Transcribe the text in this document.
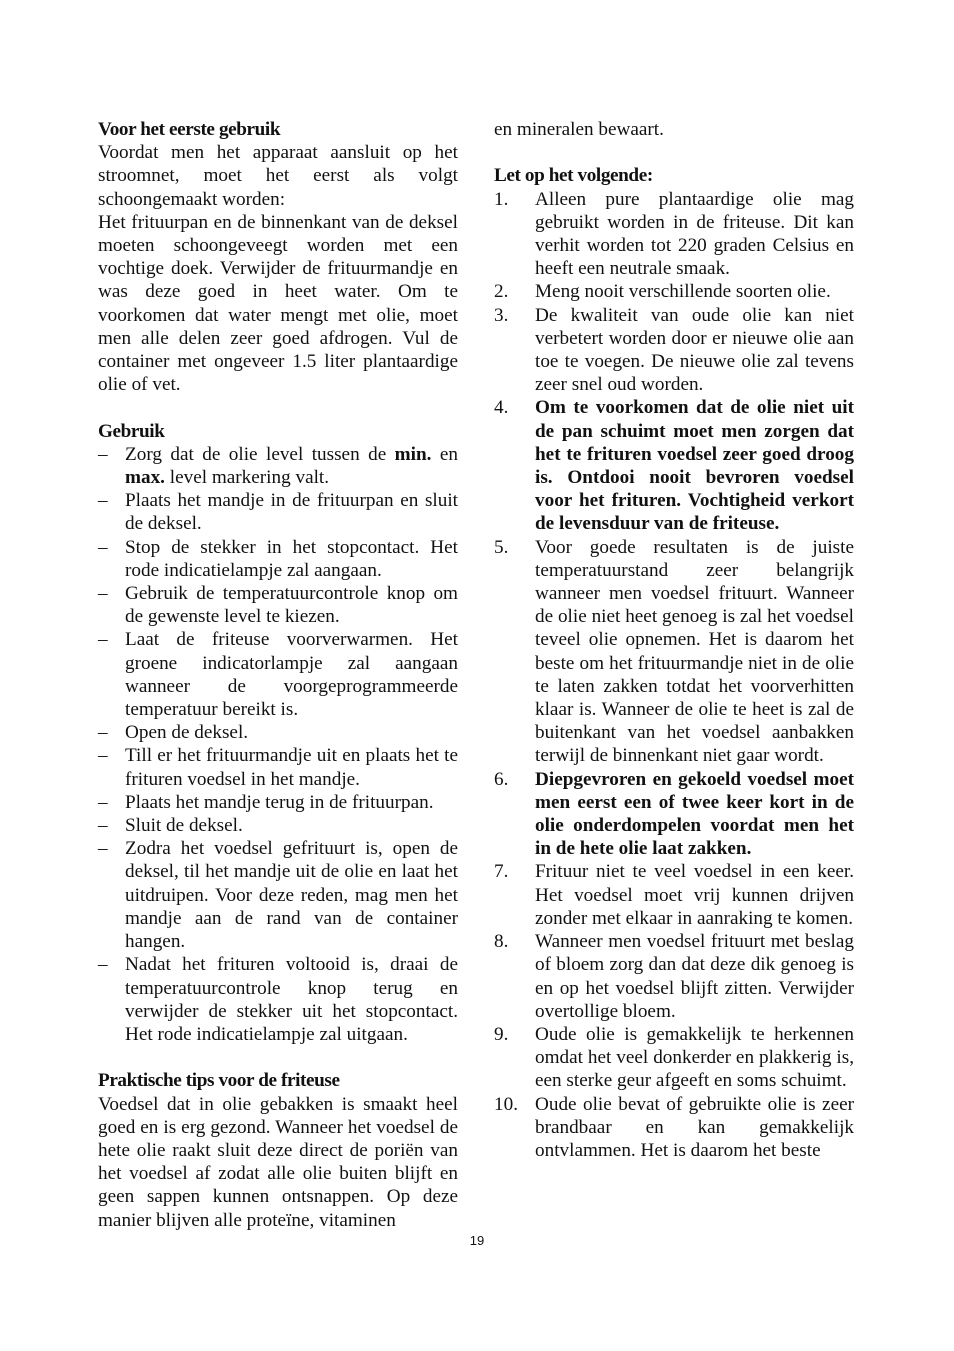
Voor het eerste gebruik

Voordat men het apparaat aansluit op het stroomnet, moet het eerst als volgt schoongemaakt worden:

Het frituurpan en de binnenkant van de deksel moeten schoongeveegt worden met een vochtige doek. Verwijder de frituurmandje en was deze goed in heet water. Om te voorkomen dat water mengt met olie, moet men alle delen zeer goed afdrogen. Vul de container met ongeveer 1.5 liter plantaardige olie of vet.

Gebruik

– Zorg dat de olie level tussen de min. en max. level markering valt.
– Plaats het mandje in de frituurpan en sluit de deksel.
– Stop de stekker in het stopcontact. Het rode indicatielampje zal aangaan.
– Gebruik de temperatuurcontrole knop om de gewenste level te kiezen.
– Laat de friteuse voorverwarmen. Het groene indicatorlampje zal aangaan wanneer de voorgeprogrammeerde temperatuur bereikt is.
– Open de deksel.
– Till er het frituurmandje uit en plaats het te frituren voedsel in het mandje.
– Plaats het mandje terug in de frituurpan.
– Sluit de deksel.
– Zodra het voedsel gefrituurt is, open de deksel, til het mandje uit de olie en laat het uitdruipen. Voor deze reden, mag men het mandje aan de rand van de container hangen.
– Nadat het frituren voltooid is, draai de temperatuurcontrole knop terug en verwijder de stekker uit het stopcontact. Het rode indicatielampje zal uitgaan.

Praktische tips voor de friteuse

Voedsel dat in olie gebakken is smaakt heel goed en is erg gezond. Wanneer het voedsel de hete olie raakt sluit deze direct de poriën van het voedsel af zodat alle olie buiten blijft en geen sappen kunnen ontsnappen. Op deze manier blijven alle proteïne, vitaminen

en mineralen bewaart.

Let op het volgende:

1. Alleen pure plantaardige olie mag gebruikt worden in de friteuse. Dit kan verhit worden tot 220 graden Celsius en heeft een neutrale smaak.
2. Meng nooit verschillende soorten olie.
3. De kwaliteit van oude olie kan niet verbetert worden door er nieuwe olie aan toe te voegen. De nieuwe olie zal tevens zeer snel oud worden.
4. Om te voorkomen dat de olie niet uit de pan schuimt moet men zorgen dat het te frituren voedsel zeer goed droog is. Ontdooi nooit bevroren voedsel voor het frituren. Vochtigheid verkort de levensduur van de friteuse.
5. Voor goede resultaten is de juiste temperatuurstand zeer belangrijk wanneer men voedsel frituurt. Wanneer de olie niet heet genoeg is zal het voedsel teveel olie opnemen. Het is daarom het beste om het frituurmandje niet in de olie te laten zakken totdat het voorverhitten klaar is. Wanneer de olie te heet is zal de buitenkant van het voedsel aanbakken terwijl de binnenkant niet gaar wordt.
6. Diepgevroren en gekoeld voedsel moet men eerst een of twee keer kort in de olie onderdompelen voordat men het in de hete olie laat zakken.
7. Frituur niet te veel voedsel in een keer. Het voedsel moet vrij kunnen drijven zonder met elkaar in aanraking te komen.
8. Wanneer men voedsel frituurt met beslag of bloem zorg dan dat deze dik genoeg is en op het voedsel blijft zitten. Verwijder overtollige bloem.
9. Oude olie is gemakkelijk te herkennen omdat het veel donkerder en plakkerig is, een sterke geur afgeeft en soms schuimt.
10. Oude olie bevat of gebruikte olie is zeer brandbaar en kan gemakkelijk ontvlammen. Het is daarom het beste
19
